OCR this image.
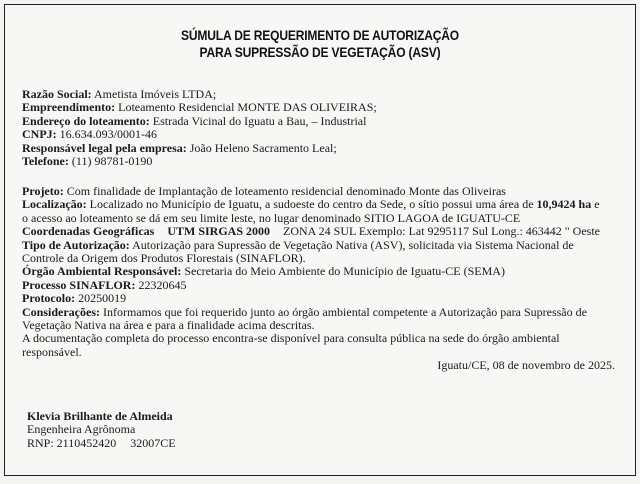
SÚMULA DE REQUERIMENTO DE AUTORIZAÇÃO
PARA SUPRESSÃO DE VEGETAÇÃO (ASV)
Razão Social: Ametista Imóveis LTDA;
Empreendimento: Loteamento Residencial MONTE DAS OLIVEIRAS;
Endereço do loteamento: Estrada Vicinal do Iguatu a Bau, – Industrial
CNPJ: 16.634.093/0001-46
Responsável legal pela empresa: João Heleno Sacramento Leal;
Telefone: (11) 98781-0190
Projeto: Com finalidade de Implantação de loteamento residencial denominado Monte das Oliveiras
Localização: Localizado no Município de Iguatu, a sudoeste do centro da Sede, o sítio possui uma área de 10,9424 ha e
o acesso ao loteamento se dá em seu limite leste, no lugar denominado SITIO LAGOA de IGUATU-CE
Coordenadas Geográficas UTM SIRGAS 2000 ZONA 24 SUL Exemplo: Lat 9295117 Sul Long.: 463442 " Oeste
Tipo de Autorização: Autorização para Supressão de Vegetação Nativa (ASV), solicitada via Sistema Nacional de Controle da Origem dos Produtos Florestais (SINAFLOR).
Órgão Ambiental Responsável: Secretaria do Meio Ambiente do Município de Iguatu-CE (SEMA)
Processo SINAFLOR: 22320645
Protocolo: 20250019
Considerações: Informamos que foi requerido junto ao órgão ambiental competente a Autorização para Supressão de Vegetação Nativa na área e para a finalidade acima descritas.
A documentação completa do processo encontra-se disponível para consulta pública na sede do órgão ambiental responsável.
Iguatu/CE, 08 de novembro de 2025.
Klevia Brilhante de Almeida
Engenheira Agrônoma
RNP: 2110452420 32007CE
